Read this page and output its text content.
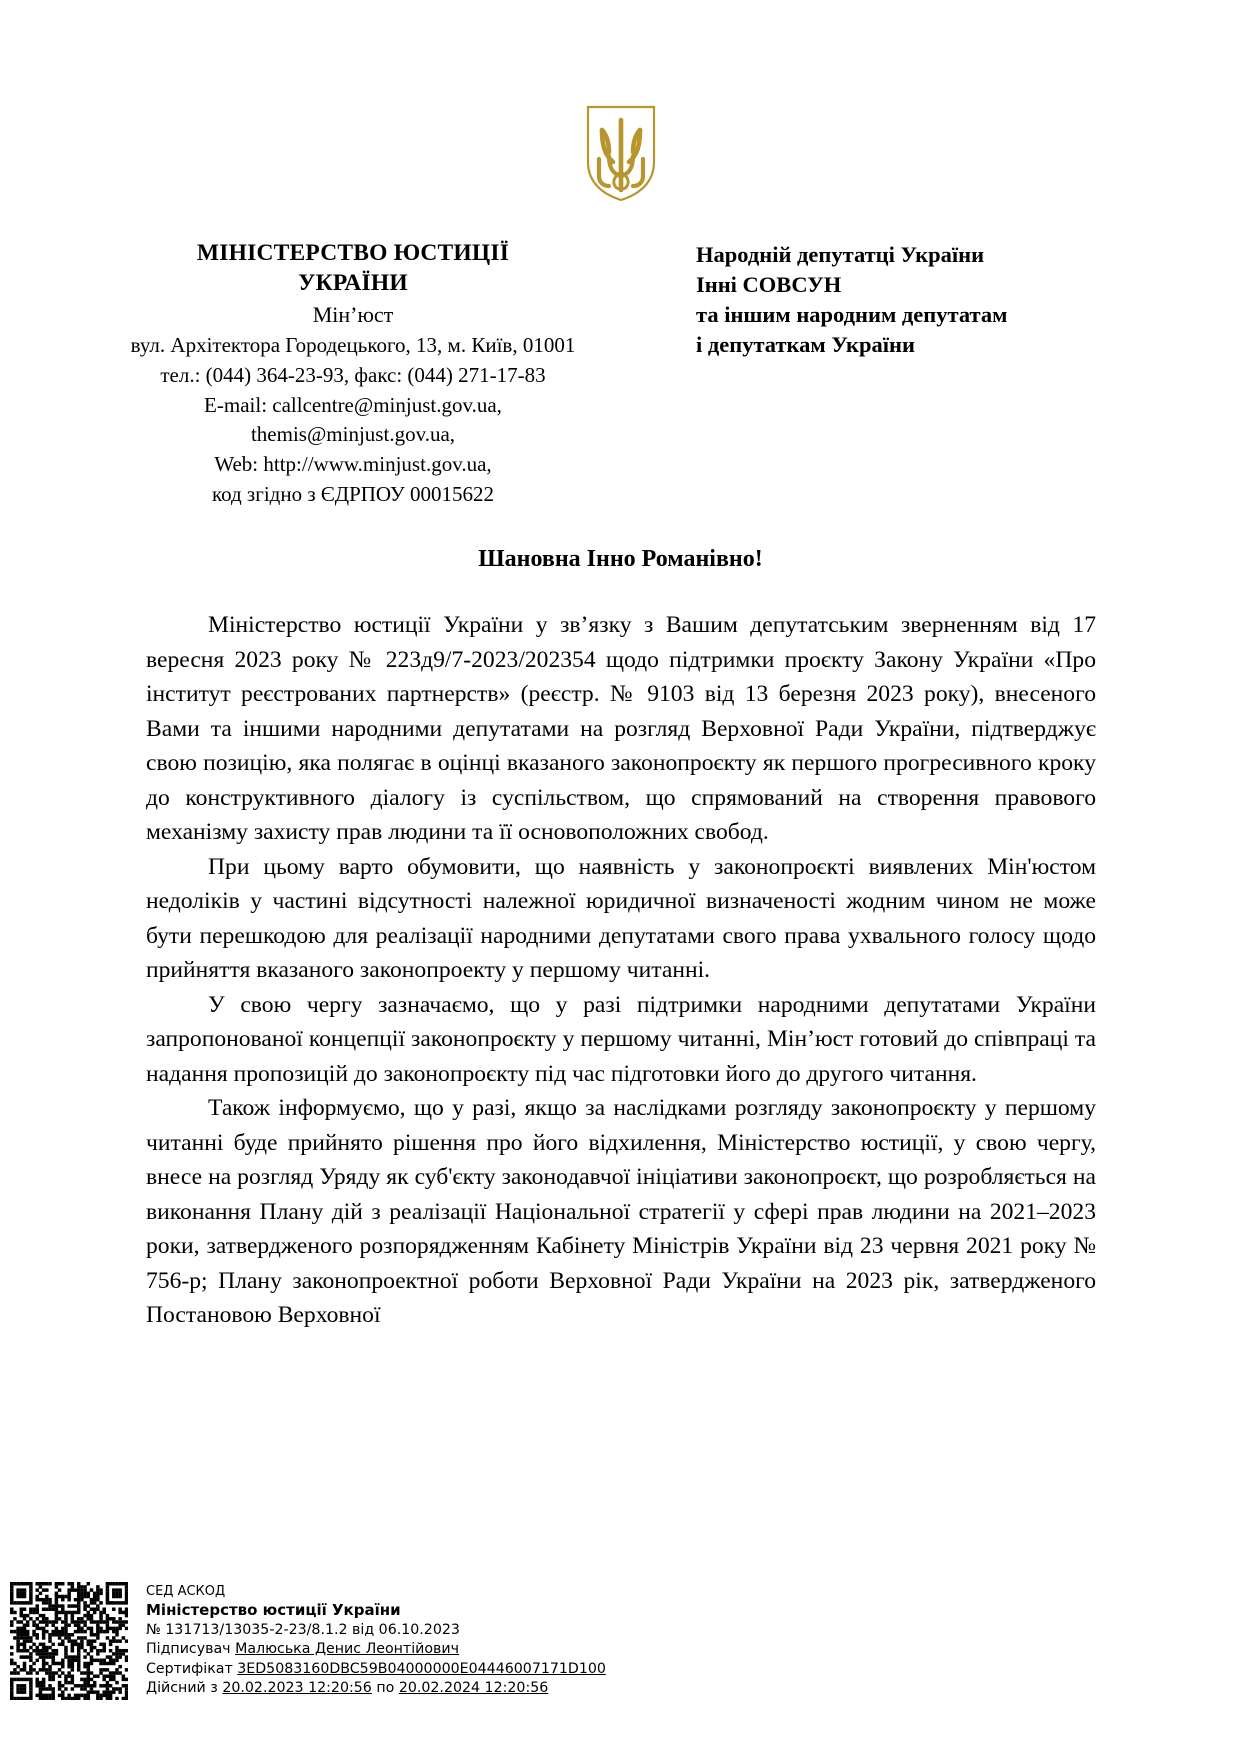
МІНІСТЕРСТВО ЮСТИЦІЇ
УКРАЇНИ
Мін’юст
вул. Архітектора Городецького, 13, м. Київ, 01001
тел.: (044) 364-23-93, факс: (044) 271-17-83
E-mail: callcentre@minjust.gov.ua,
themis@minjust.gov.ua,
Web: http://www.minjust.gov.ua,
код згідно з ЄДРПОУ 00015622
Народній депутатці України
Інні СОВСУН
та іншим народним депутатам
і депутаткам України
Шановна Інно Романівно!

Міністерство юстиції України у зв’язку з Вашим депутатським зверненням від 17 вересня 2023 року № 223д9/7-2023/202354 щодо підтримки проєкту Закону України «Про інститут реєстрованих партнерств» (реєстр. № 9103 від 13 березня 2023 року), внесеного Вами та іншими народними депутатами на розгляд Верховної Ради України, підтверджує свою позицію, яка полягає в оцінці вказаного законопроєкту як першого прогресивного кроку до конструктивного діалогу із суспільством, що спрямований на створення правового механізму захисту прав людини та її основоположних свобод.

При цьому варто обумовити, що наявність у законопроєкті виявлених Мін'юстом недоліків у частині відсутності належної юридичної визначеності жодним чином не може бути перешкодою для реалізації народними депутатами свого права ухвального голосу щодо прийняття вказаного законопроекту у першому читанні.

У свою чергу зазначаємо, що у разі підтримки народними депутатами України запропонованої концепції законопроєкту у першому читанні, Мін’юст готовий до співпраці та надання пропозицій до законопроєкту під час підготовки його до другого читання.

Також інформуємо, що у разі, якщо за наслідками розгляду законопроєкту у першому читанні буде прийнято рішення про його відхилення, Міністерство юстиції, у свою чергу, внесе на розгляд Уряду як суб'єкту законодавчої ініціативи законопроєкт, що розробляється на виконання Плану дій з реалізації Національної стратегії у сфері прав людини на 2021–2023 роки, затвердженого розпорядженням Кабінету Міністрів України від 23 червня 2021 року № 756-р; Плану законопроектної роботи Верховної Ради України на 2023 рік, затвердженого Постановою Верховної

СЕД АСКОД
Міністерство юстиції України
№ 131713/13035-2-23/8.1.2 від 06.10.2023
Підписувач Малюська Денис Леонтійович
Сертифікат 3ED5083160DBC59B04000000E04446007171D100
Дійсний з 20.02.2023 12:20:56 по 20.02.2024 12:20:56
